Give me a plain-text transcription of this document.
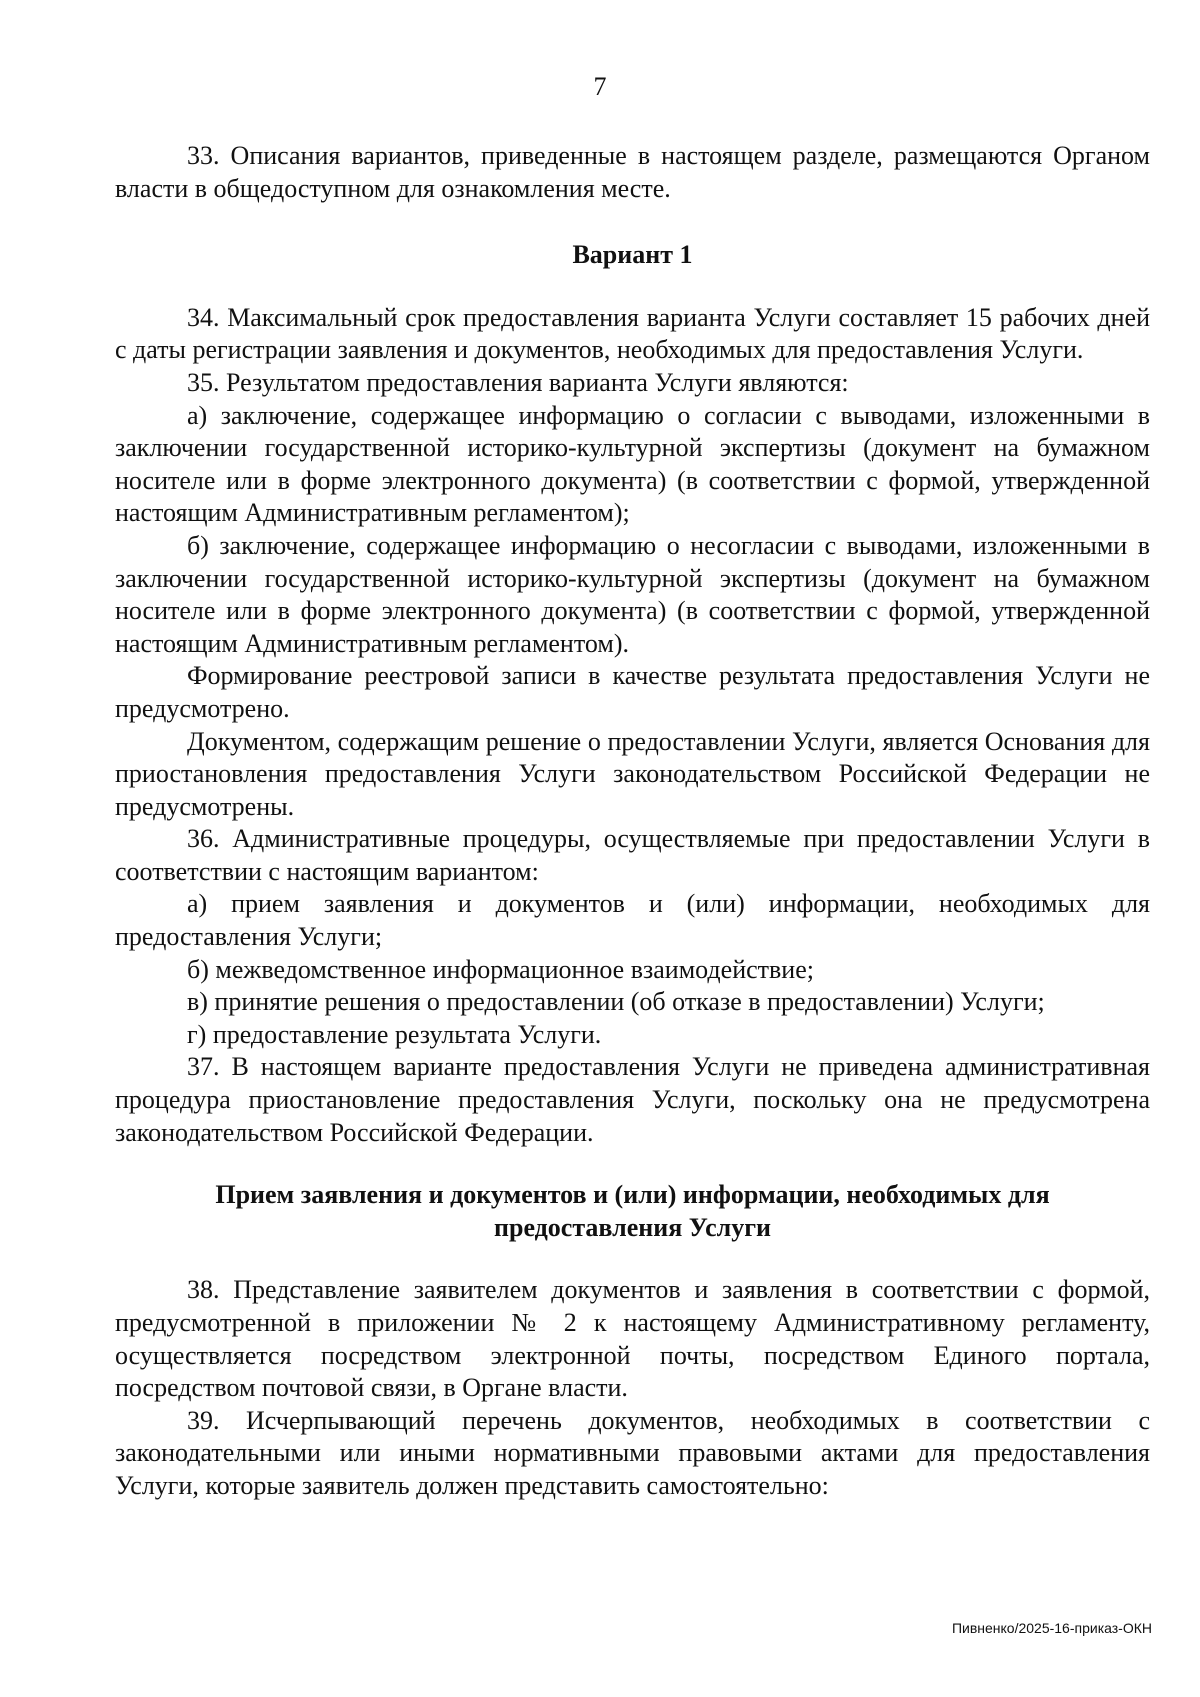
7

33. Описания вариантов, приведенные в настоящем разделе, размещаются Органом власти в общедоступном для ознакомления месте.

Вариант 1

34. Максимальный срок предоставления варианта Услуги составляет 15 рабочих дней с даты регистрации заявления и документов, необходимых для предоставления Услуги.

35. Результатом предоставления варианта Услуги являются:

а) заключение, содержащее информацию о согласии с выводами, изложенными в заключении государственной историко-культурной экспертизы (документ на бумажном носителе или в форме электронного документа) (в соответствии с формой, утвержденной настоящим Административным регламентом);

б) заключение, содержащее информацию о несогласии с выводами, изложенными в заключении государственной историко-культурной экспертизы (документ на бумажном носителе или в форме электронного документа) (в соответствии с формой, утвержденной настоящим Административным регламентом).

Формирование реестровой записи в качестве результата предоставления Услуги не предусмотрено.

Документом, содержащим решение о предоставлении Услуги, является Основания для приостановления предоставления Услуги законодательством Российской Федерации не предусмотрены.

36. Административные процедуры, осуществляемые при предоставлении Услуги в соответствии с настоящим вариантом:

а) прием заявления и документов и (или) информации, необходимых для предоставления Услуги;

б) межведомственное информационное взаимодействие;

в) принятие решения о предоставлении (об отказе в предоставлении) Услуги;

г) предоставление результата Услуги.

37. В настоящем варианте предоставления Услуги не приведена административная процедура приостановление предоставления Услуги, поскольку она не предусмотрена законодательством Российской Федерации.

Прием заявления и документов и (или) информации, необходимых для

предоставления Услуги

38. Представление заявителем документов и заявления в соответствии с формой, предусмотренной в приложении № 2 к настоящему Административному регламенту, осуществляется посредством электронной почты, посредством Единого портала, посредством почтовой связи, в Органе власти.

39. Исчерпывающий перечень документов, необходимых в соответствии с законодательными или иными нормативными правовыми актами для предоставления Услуги, которые заявитель должен представить самостоятельно:

Пивненко/2025-16-приказ-ОКН
